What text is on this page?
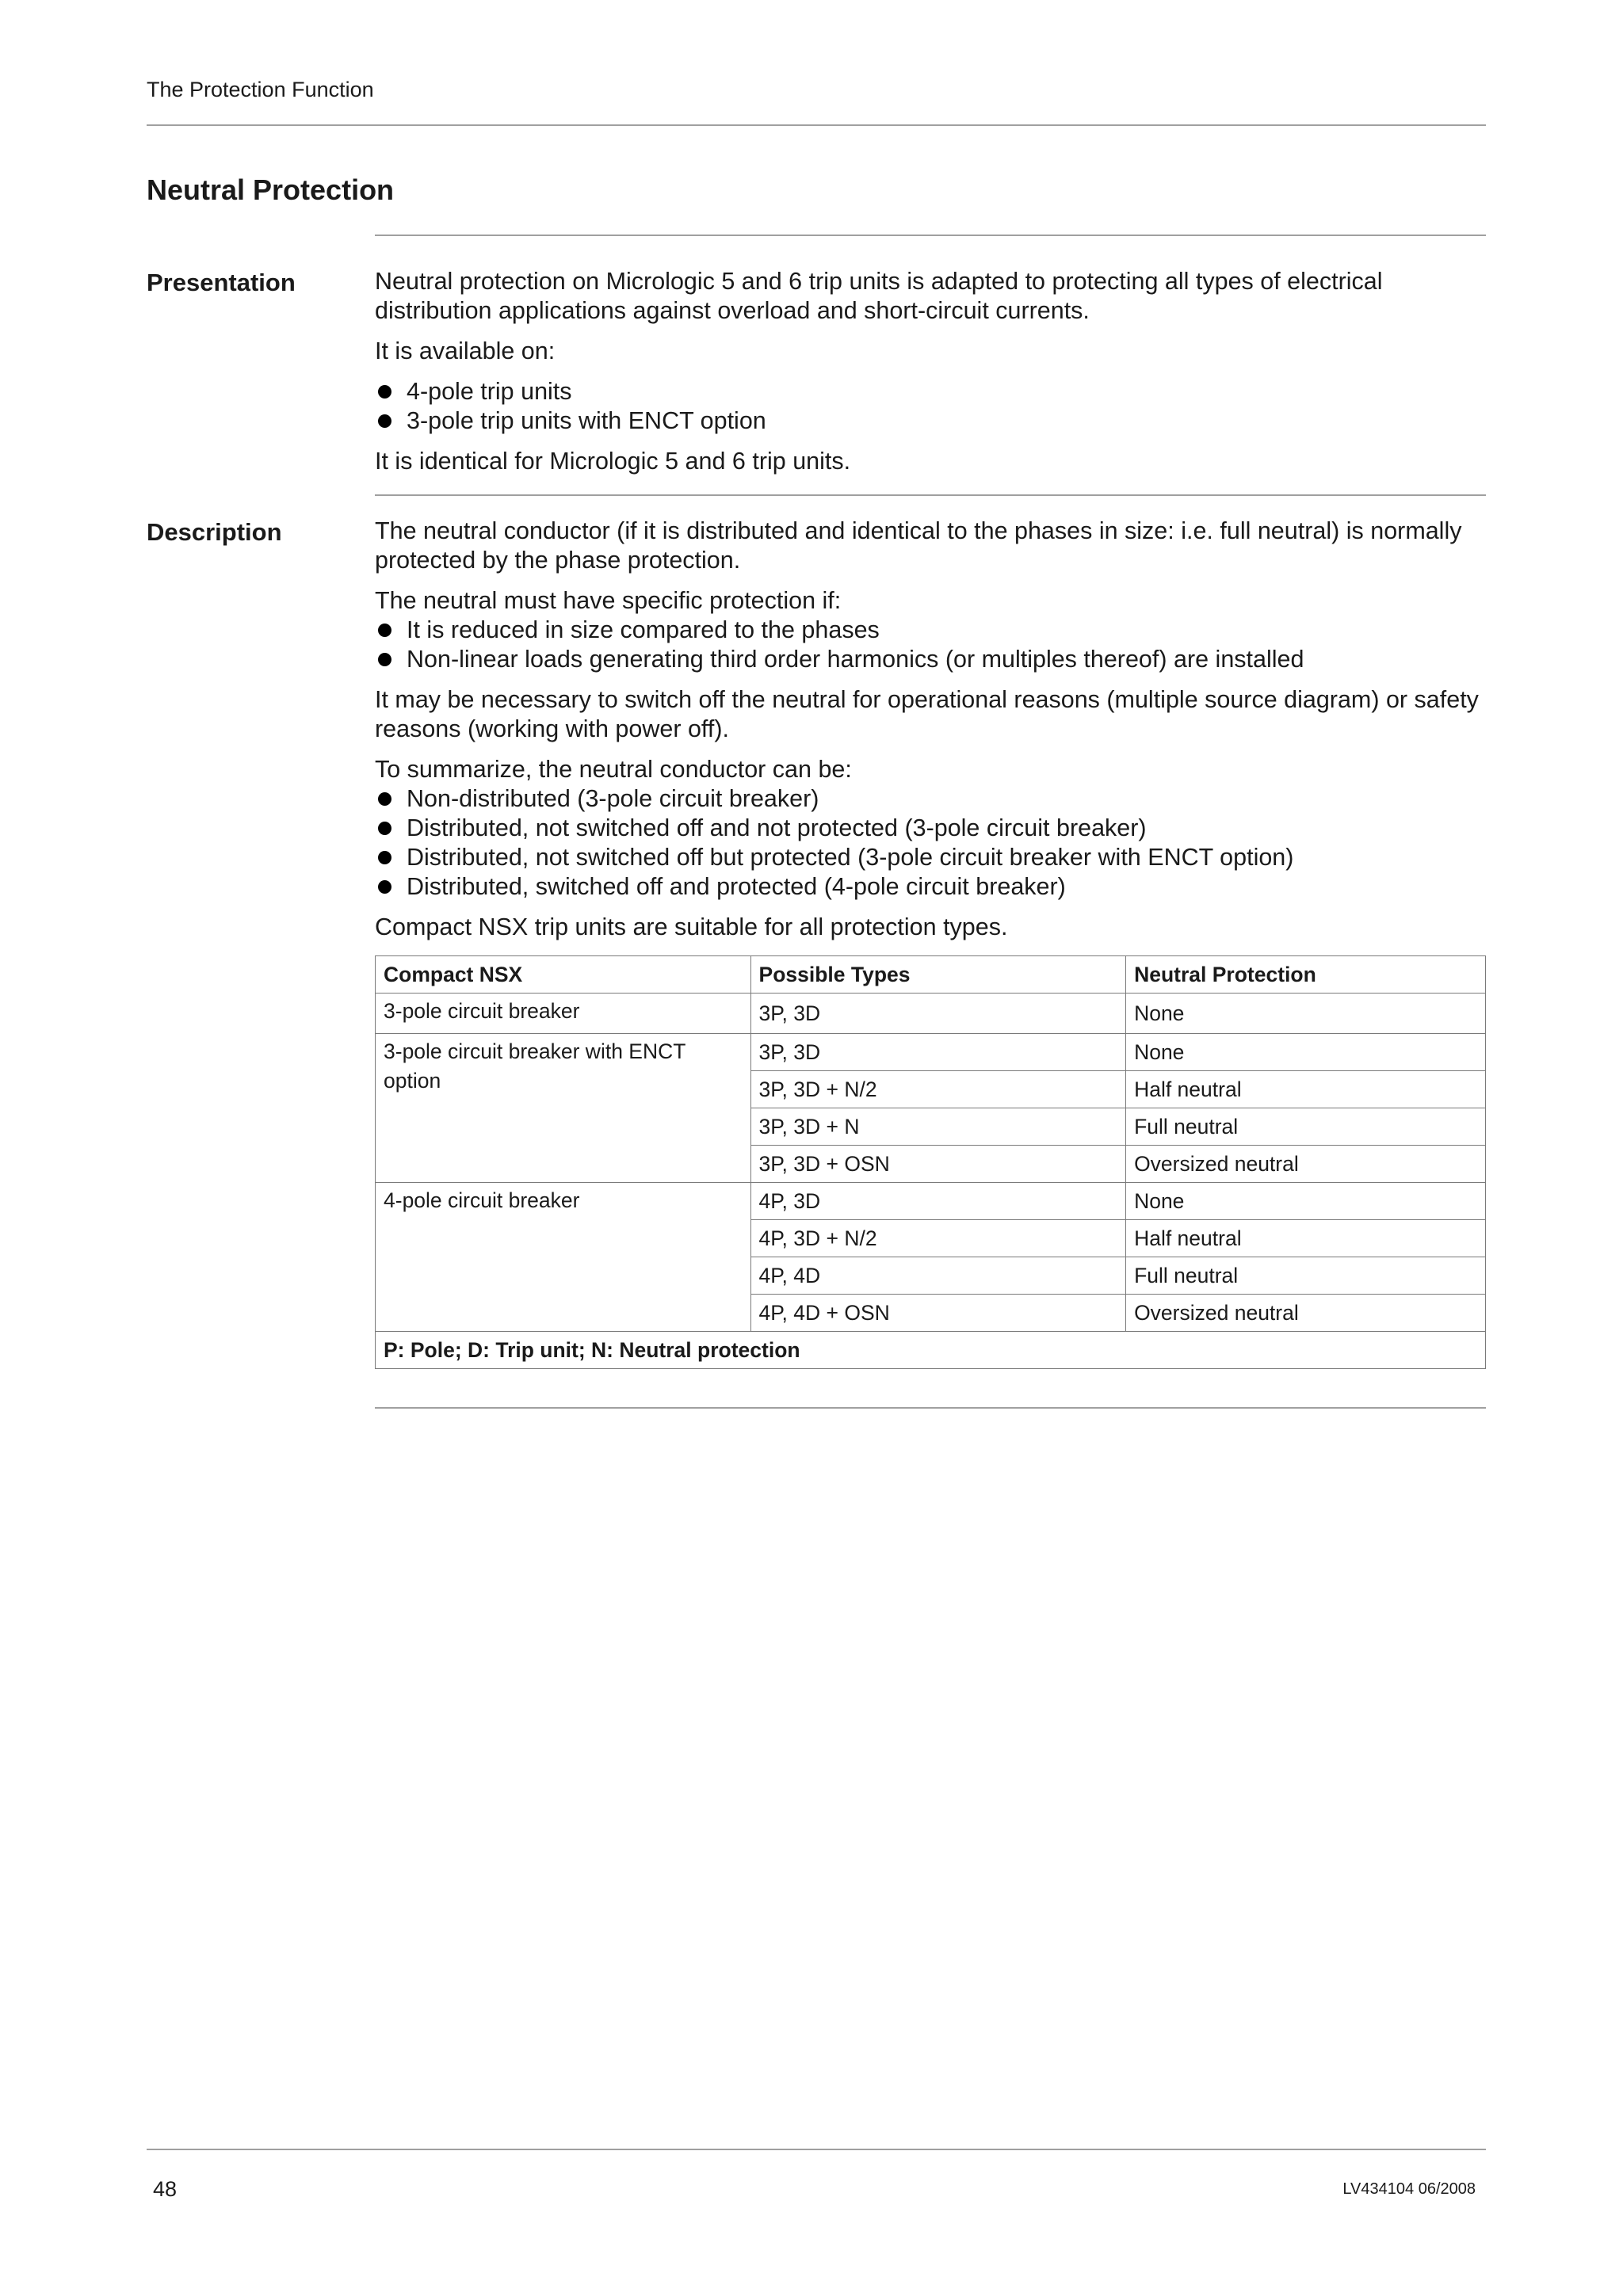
The Protection Function
Neutral Protection
Presentation	Neutral protection on Micrologic 5 and 6 trip units is adapted to protecting all types of electrical distribution applications against overload and short-circuit currents.

It is available on:

4-pole trip units
3-pole trip units with ENCT option

It is identical for Micrologic 5 and 6 trip units.

Description	The neutral conductor (if it is distributed and identical to the phases in size: i.e. full neutral) is normally protected by the phase protection.

The neutral must have specific protection if:

It is reduced in size compared to the phases
Non-linear loads generating third order harmonics (or multiples thereof) are installed

It may be necessary to switch off the neutral for operational reasons (multiple source diagram) or safety reasons (working with power off).

To summarize, the neutral conductor can be:

Non-distributed (3-pole circuit breaker)
Distributed, not switched off and not protected (3-pole circuit breaker)
Distributed, not switched off but protected (3-pole circuit breaker with ENCT option)
Distributed, switched off and protected (4-pole circuit breaker)

Compact NSX trip units are suitable for all protection types.

Compact NSX	Possible Types	Neutral Protection
3-pole circuit breaker	3P, 3D	None
3-pole circuit breaker with ENCT option	3P, 3D	None
	3P, 3D + N/2	Half neutral
	3P, 3D + N	Full neutral
	3P, 3D + OSN	Oversized neutral
4-pole circuit breaker	4P, 3D	None
	4P, 3D + N/2	Half neutral
	4P, 4D	Full neutral
	4P, 4D + OSN	Oversized neutral
P: Pole; D: Trip unit; N: Neutral protection		
48	LV434104 06/2008
